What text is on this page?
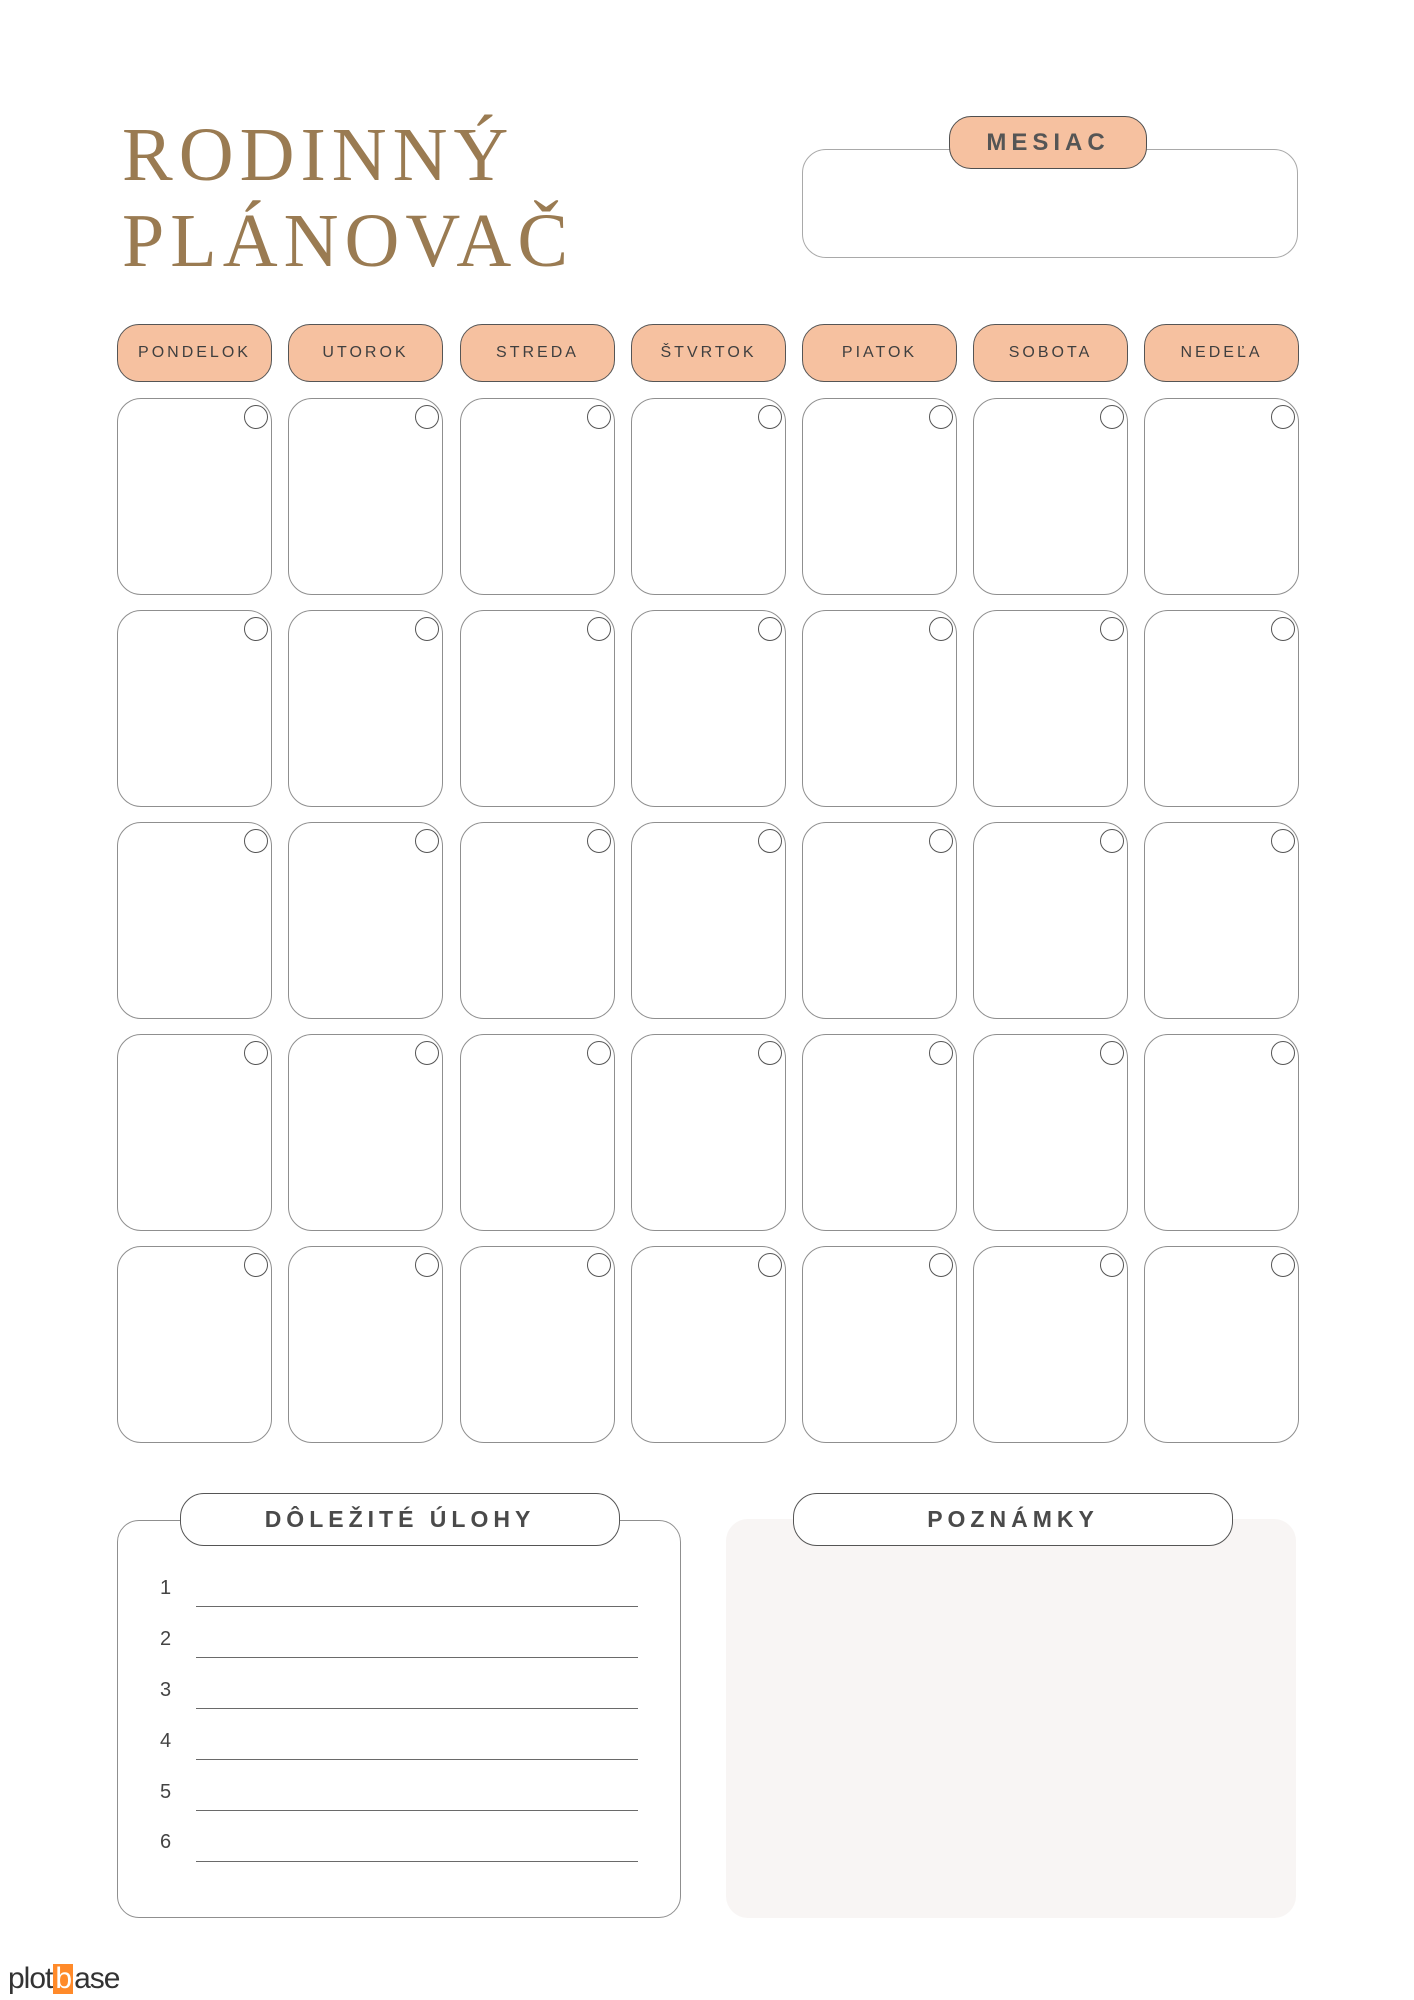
RODINNÝ
PLÁNOVAČ
MESIAC
PONDELOK	UTOROK	STREDA	ŠTVRTOK	PIATOK	SOBOTA	NEDEĽA
DÔLEŽITÉ ÚLOHY
1
2
3
4
5
6
POZNÁMKY
plot b ase
